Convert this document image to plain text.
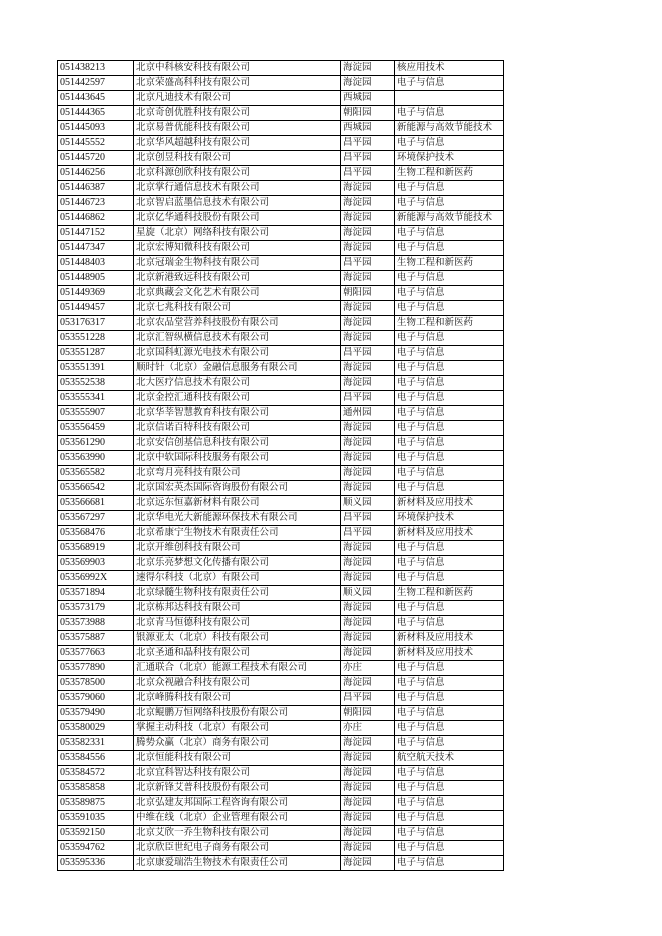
051438213	北京中科核安科技有限公司	海淀园	核应用技术
051442597	北京荣盛高科科技有限公司	海淀园	电子与信息
051443645	北京凡迪技术有限公司	西城园	
051444365	北京奇创优胜科技有限公司	朝阳园	电子与信息
051445093	北京易普优能科技有限公司	西城园	新能源与高效节能技术
051445552	北京华风超越科技有限公司	昌平园	电子与信息
051445720	北京创昱科技有限公司	昌平园	环境保护技术
051446256	北京科源创欣科技有限公司	昌平园	生物工程和新医药
051446387	北京掌行通信息技术有限公司	海淀园	电子与信息
051446723	北京智启蓝墨信息技术有限公司	海淀园	电子与信息
051446862	北京亿华通科技股份有限公司	海淀园	新能源与高效节能技术
051447152	星旋（北京）网络科技有限公司	海淀园	电子与信息
051447347	北京宏博知微科技有限公司	海淀园	电子与信息
051448403	北京冠瑞金生物科技有限公司	昌平园	生物工程和新医药
051448905	北京新港致远科技有限公司	海淀园	电子与信息
051449369	北京典藏会文化艺术有限公司	朝阳园	电子与信息
051449457	北京七兆科技有限公司	海淀园	电子与信息
053176317	北京农品堂营养科技股份有限公司	海淀园	生物工程和新医药
053551228	北京汇智纵横信息技术有限公司	海淀园	电子与信息
053551287	北京国科虹源光电技术有限公司	昌平园	电子与信息
053551391	顺时针（北京）金融信息服务有限公司	海淀园	电子与信息
053552538	北大医疗信息技术有限公司	海淀园	电子与信息
053555341	北京金控汇通科技有限公司	昌平园	电子与信息
053555907	北京华莘智慧教育科技有限公司	通州园	电子与信息
053556459	北京信诺百特科技有限公司	海淀园	电子与信息
053561290	北京安信创基信息科技有限公司	海淀园	电子与信息
053563990	北京中软国际科技服务有限公司	海淀园	电子与信息
053565582	北京弯月亮科技有限公司	海淀园	电子与信息
053566542	北京国宏英杰国际咨询股份有限公司	海淀园	电子与信息
053566681	北京远东恒嘉新材料有限公司	顺义园	新材料及应用技术
053567297	北京华电光大新能源环保技术有限公司	昌平园	环境保护技术
053568476	北京希康宁生物技术有限责任公司	昌平园	新材料及应用技术
053568919	北京开维创科技有限公司	海淀园	电子与信息
053569903	北京乐亮梦想文化传播有限公司	海淀园	电子与信息
05356992X	速得尔科技（北京）有限公司	海淀园	电子与信息
053571894	北京绿髓生物科技有限责任公司	顺义园	生物工程和新医药
053573179	北京栋邦达科技有限公司	海淀园	电子与信息
053573988	北京青马恒德科技有限公司	海淀园	电子与信息
053575887	银源亚太（北京）科技有限公司	海淀园	新材料及应用技术
053577663	北京圣通和晶科技有限公司	海淀园	新材料及应用技术
053577890	汇通联合（北京）能源工程技术有限公司	亦庄	电子与信息
053578500	北京众视融合科技有限公司	海淀园	电子与信息
053579060	北京峰腾科技有限公司	昌平园	电子与信息
053579490	北京鲲鹏万恒网络科技股份有限公司	朝阳园	电子与信息
053580029	掌握主动科技（北京）有限公司	亦庄	电子与信息
053582331	腾势众赢（北京）商务有限公司	海淀园	电子与信息
053584556	北京恒能科技有限公司	海淀园	航空航天技术
053584572	北京宜科智达科技有限公司	海淀园	电子与信息
053585858	北京新锋艾普科技股份有限公司	海淀园	电子与信息
053589875	北京弘建友邦国际工程咨询有限公司	海淀园	电子与信息
053591035	中维在线（北京）企业管理有限公司	海淀园	电子与信息
053592150	北京艾欣一乔生物科技有限公司	海淀园	电子与信息
053594762	北京欣臣世纪电子商务有限公司	海淀园	电子与信息
053595336	北京康爱瑞浩生物技术有限责任公司	海淀园	电子与信息
